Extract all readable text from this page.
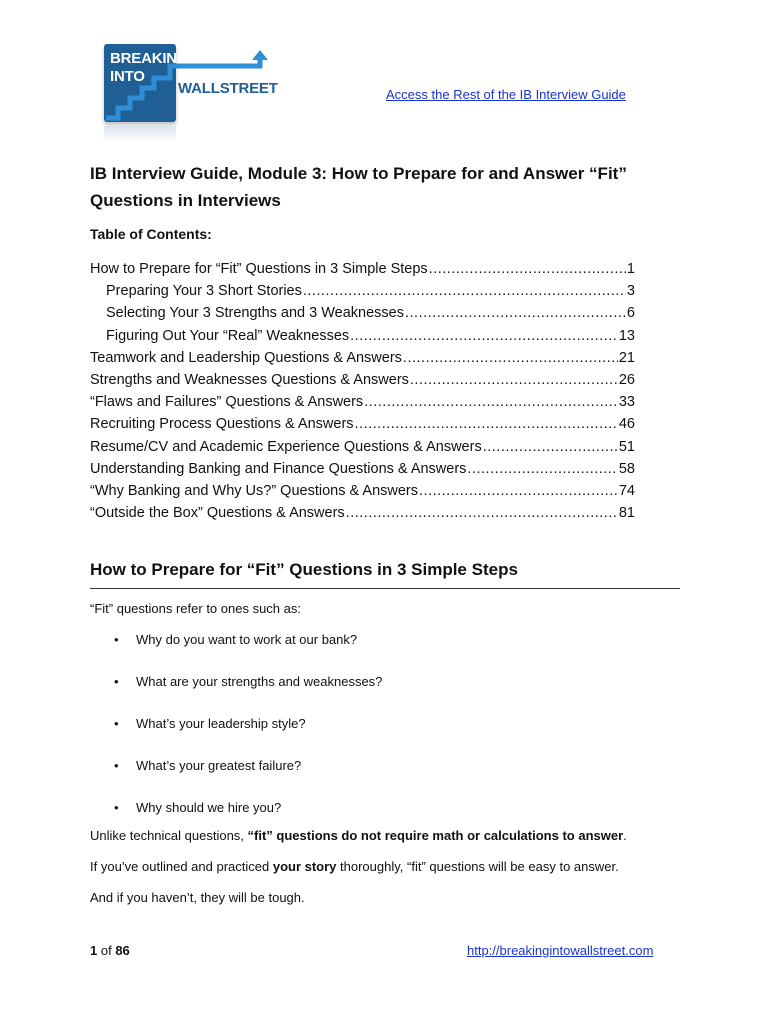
BREAKING
INTO
WALLSTREET	Access the Rest of the IB Interview Guide
IB Interview Guide, Module 3: How to Prepare for and Answer “Fit” Questions in Interviews
Table of Contents:
How to Prepare for “Fit” Questions in 3 Simple Steps .....	1
Preparing Your 3 Short Stories .....	3
Selecting Your 3 Strengths and 3 Weaknesses .....	6
Figuring Out Your “Real” Weaknesses .....	13
Teamwork and Leadership Questions & Answers .....	21
Strengths and Weaknesses Questions & Answers .....	26
“Flaws and Failures” Questions & Answers .....	33
Recruiting Process Questions & Answers .....	46
Resume/CV and Academic Experience Questions & Answers .....	51
Understanding Banking and Finance Questions & Answers .....	58
“Why Banking and Why Us?” Questions & Answers .....	74
“Outside the Box” Questions & Answers .....	81
How to Prepare for “Fit” Questions in 3 Simple Steps

“Fit” questions refer to ones such as:

• Why do you want to work at our bank?
• What are your strengths and weaknesses?
• What’s your leadership style?
• What’s your greatest failure?
• Why should we hire you?

Unlike technical questions, “fit” questions do not require math or calculations to answer.

If you’ve outlined and practiced your story thoroughly, “fit” questions will be easy to answer.

And if you haven’t, they will be tough.

1 of 86	http://breakingintowallstreet.com
